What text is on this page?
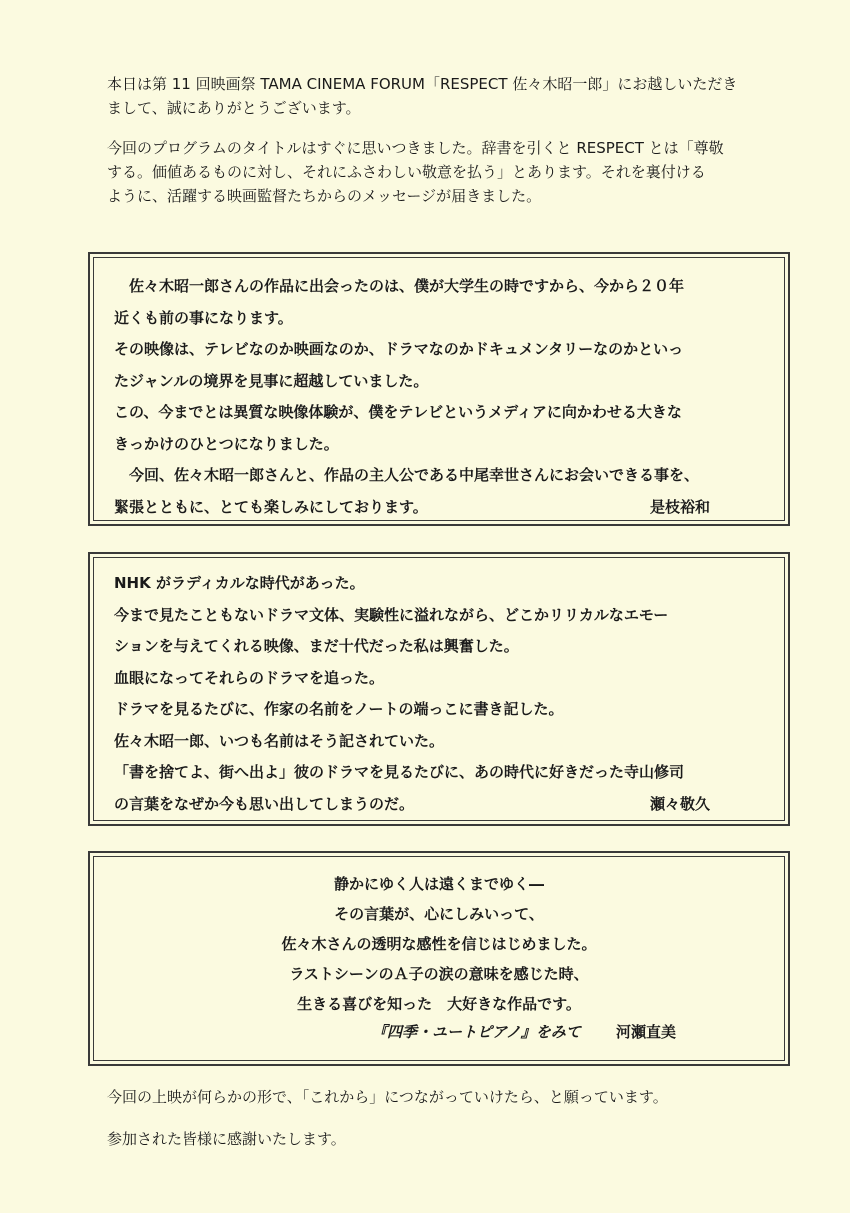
本日は第 11 回映画祭 TAMA CINEMA FORUM「RESPECT 佐々木昭一郎」にお越しいただき
まして、誠にありがとうございます。
今回のプログラムのタイトルはすぐに思いつきました。辞書を引くと RESPECT とは「尊敬
する。価値あるものに対し、それにふさわしい敬意を払う」とあります。それを裏付ける
ように、活躍する映画監督たちからのメッセージが届きました。
佐々木昭一郎さんの作品に出会ったのは、僕が大学生の時ですから、今から２０年
近くも前の事になります。
その映像は、テレビなのか映画なのか、ドラマなのかドキュメンタリーなのかといっ
たジャンルの境界を見事に超越していました。
この、今までとは異質な映像体験が、僕をテレビというメディアに向かわせる大きな
きっかけのひとつになりました。
今回、佐々木昭一郎さんと、作品の主人公である中尾幸世さんにお会いできる事を、
緊張とともに、とても楽しみにしております。	是枝裕和
NHK がラディカルな時代があった。
今まで見たこともないドラマ文体、実験性に溢れながら、どこかリリカルなエモー
ションを与えてくれる映像、まだ十代だった私は興奮した。
血眼になってそれらのドラマを追った。
ドラマを見るたびに、作家の名前をノートの端っこに書き記した。
佐々木昭一郎、いつも名前はそう記されていた。
「書を捨てよ、街へ出よ」彼のドラマを見るたびに、あの時代に好きだった寺山修司
の言葉をなぜか今も思い出してしまうのだ。	瀬々敬久
静かにゆく人は遠くまでゆく―
その言葉が、心にしみいって、
佐々木さんの透明な感性を信じはじめました。
ラストシーンのＡ子の涙の意味を感じた時、
生きる喜びを知った　大好きな作品です。
『四季・ユートピアノ』をみて 河瀬直美
今回の上映が何らかの形で、「これから」につながっていけたら、と願っています。
参加された皆様に感謝いたします。
